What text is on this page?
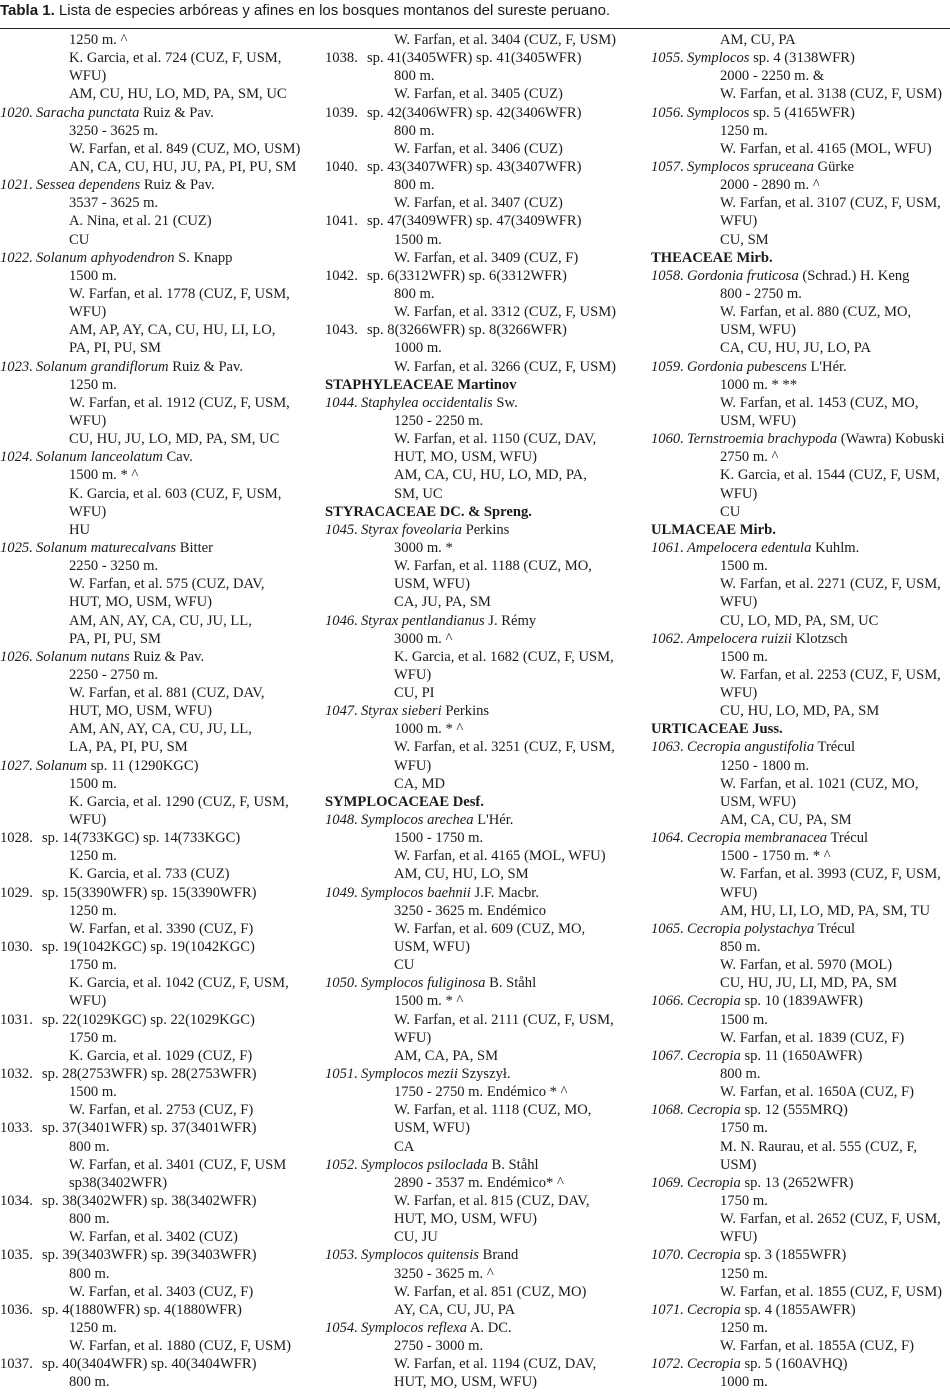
Tabla 1. Lista de especies arbóreas y afines en los bosques montanos del sureste peruano.
1250 m. ^
K. Garcia, et al. 724 (CUZ, F, USM,
WFU)
AM, CU, HU, LO, MD, PA, SM, UC
1020. Saracha punctata Ruiz & Pav.
3250 - 3625 m.
W. Farfan, et al. 849 (CUZ, MO, USM)
AN, CA, CU, HU, JU, PA, PI, PU, SM
1021. Sessea dependens Ruiz & Pav.
3537 - 3625 m.
A. Nina, et al. 21 (CUZ)
CU
1022. Solanum aphyodendron S. Knapp
1500 m.
W. Farfan, et al. 1778 (CUZ, F, USM,
WFU)
AM, AP, AY, CA, CU, HU, LI, LO,
PA, PI, PU, SM
1023. Solanum grandiflorum Ruiz & Pav.
1250 m.
W. Farfan, et al. 1912 (CUZ, F, USM,
WFU)
CU, HU, JU, LO, MD, PA, SM, UC
1024. Solanum lanceolatum Cav.
1500 m. * ^
K. Garcia, et al. 603 (CUZ, F, USM,
WFU)
HU
1025. Solanum maturecalvans Bitter
2250 - 3250 m.
W. Farfan, et al. 575 (CUZ, DAV,
HUT, MO, USM, WFU)
AM, AN, AY, CA, CU, JU, LL,
PA, PI, PU, SM
1026. Solanum nutans Ruiz & Pav.
2250 - 2750 m.
W. Farfan, et al. 881 (CUZ, DAV,
HUT, MO, USM, WFU)
AM, AN, AY, CA, CU, JU, LL,
LA, PA, PI, PU, SM
1027. Solanum sp. 11 (1290KGC)
1500 m.
K. Garcia, et al. 1290 (CUZ, F, USM,
WFU)
1028. sp. 14(733KGC) sp. 14(733KGC)
1250 m.
K. Garcia, et al. 733 (CUZ)
1029. sp. 15(3390WFR) sp. 15(3390WFR)
1250 m.
W. Farfan, et al. 3390 (CUZ, F)
1030. sp. 19(1042KGC) sp. 19(1042KGC)
1750 m.
K. Garcia, et al. 1042 (CUZ, F, USM,
WFU)
1031. sp. 22(1029KGC) sp. 22(1029KGC)
1750 m.
K. Garcia, et al. 1029 (CUZ, F)
1032. sp. 28(2753WFR) sp. 28(2753WFR)
1500 m.
W. Farfan, et al. 2753 (CUZ, F)
1033. sp. 37(3401WFR) sp. 37(3401WFR)
800 m.
W. Farfan, et al. 3401 (CUZ, F, USM
sp38(3402WFR)
1034. sp. 38(3402WFR) sp. 38(3402WFR)
800 m.
W. Farfan, et al. 3402 (CUZ)
1035. sp. 39(3403WFR) sp. 39(3403WFR)
800 m.
W. Farfan, et al. 3403 (CUZ, F)
1036. sp. 4(1880WFR) sp. 4(1880WFR)
1250 m.
W. Farfan, et al. 1880 (CUZ, F, USM)
1037. sp. 40(3404WFR) sp. 40(3404WFR)
800 m.
W. Farfan, et al. 3404 (CUZ, F, USM)
1038. sp. 41(3405WFR) sp. 41(3405WFR)
800 m.
W. Farfan, et al. 3405 (CUZ)
1039. sp. 42(3406WFR) sp. 42(3406WFR)
800 m.
W. Farfan, et al. 3406 (CUZ)
1040. sp. 43(3407WFR) sp. 43(3407WFR)
800 m.
W. Farfan, et al. 3407 (CUZ)
1041. sp. 47(3409WFR) sp. 47(3409WFR)
1500 m.
W. Farfan, et al. 3409 (CUZ, F)
1042. sp. 6(3312WFR) sp. 6(3312WFR)
800 m.
W. Farfan, et al. 3312 (CUZ, F, USM)
1043. sp. 8(3266WFR) sp. 8(3266WFR)
1000 m.
W. Farfan, et al. 3266 (CUZ, F, USM)
STAPHYLEACEAE Martinov
1044. Staphylea occidentalis Sw.
1250 - 2250 m.
W. Farfan, et al. 1150 (CUZ, DAV,
HUT, MO, USM, WFU)
AM, CA, CU, HU, LO, MD, PA,
SM, UC
STYRACACEAE DC. & Spreng.
1045. Styrax foveolaria Perkins
3000 m. *
W. Farfan, et al. 1188 (CUZ, MO,
USM, WFU)
CA, JU, PA, SM
1046. Styrax pentlandianus J. Rémy
3000 m. ^
K. Garcia, et al. 1682 (CUZ, F, USM,
WFU)
CU, PI
1047. Styrax sieberi Perkins
1000 m. * ^
W. Farfan, et al. 3251 (CUZ, F, USM,
WFU)
CA, MD
SYMPLOCACEAE Desf.
1048. Symplocos arechea L'Hér.
1500 - 1750 m.
W. Farfan, et al. 4165 (MOL, WFU)
AM, CU, HU, LO, SM
1049. Symplocos baehnii J.F. Macbr.
3250 - 3625 m. Endémico
W. Farfan, et al. 609 (CUZ, MO,
USM, WFU)
CU
1050. Symplocos fuliginosa B. Ståhl
1500 m. * ^
W. Farfan, et al. 2111 (CUZ, F, USM,
WFU)
AM, CA, PA, SM
1051. Symplocos mezii Szyszył.
1750 - 2750 m. Endémico * ^
W. Farfan, et al. 1118 (CUZ, MO,
USM, WFU)
CA
1052. Symplocos psiloclada B. Ståhl
2890 - 3537 m. Endémico* ^
W. Farfan, et al. 815 (CUZ, DAV,
HUT, MO, USM, WFU)
CU, JU
1053. Symplocos quitensis Brand
3250 - 3625 m. ^
W. Farfan, et al. 851 (CUZ, MO)
AY, CA, CU, JU, PA
1054. Symplocos reflexa A. DC.
2750 - 3000 m.
W. Farfan, et al. 1194 (CUZ, DAV,
HUT, MO, USM, WFU)
AM, CU, PA
1055. Symplocos sp. 4 (3138WFR)
2000 - 2250 m. &
W. Farfan, et al. 3138 (CUZ, F, USM)
1056. Symplocos sp. 5 (4165WFR)
1250 m.
W. Farfan, et al. 4165 (MOL, WFU)
1057. Symplocos spruceana Gürke
2000 - 2890 m. ^
W. Farfan, et al. 3107 (CUZ, F, USM,
WFU)
CU, SM
THEACEAE Mirb.
1058. Gordonia fruticosa (Schrad.) H. Keng
800 - 2750 m.
W. Farfan, et al. 880 (CUZ, MO,
USM, WFU)
CA, CU, HU, JU, LO, PA
1059. Gordonia pubescens L'Hér.
1000 m. * **
W. Farfan, et al. 1453 (CUZ, MO,
USM, WFU)
1060. Ternstroemia brachypoda (Wawra) Kobuski
2750 m. ^
K. Garcia, et al. 1544 (CUZ, F, USM,
WFU)
CU
ULMACEAE Mirb.
1061. Ampelocera edentula Kuhlm.
1500 m.
W. Farfan, et al. 2271 (CUZ, F, USM,
WFU)
CU, LO, MD, PA, SM, UC
1062. Ampelocera ruizii Klotzsch
1500 m.
W. Farfan, et al. 2253 (CUZ, F, USM,
WFU)
CU, HU, LO, MD, PA, SM
URTICACEAE Juss.
1063. Cecropia angustifolia Trécul
1250 - 1800 m.
W. Farfan, et al. 1021 (CUZ, MO,
USM, WFU)
AM, CA, CU, PA, SM
1064. Cecropia membranacea Trécul
1500 - 1750 m. * ^
W. Farfan, et al. 3993 (CUZ, F, USM,
WFU)
AM, HU, LI, LO, MD, PA, SM, TU
1065. Cecropia polystachya Trécul
850 m.
W. Farfan, et al. 5970 (MOL)
CU, HU, JU, LI, MD, PA, SM
1066. Cecropia sp. 10 (1839AWFR)
1500 m.
W. Farfan, et al. 1839 (CUZ, F)
1067. Cecropia sp. 11 (1650AWFR)
800 m.
W. Farfan, et al. 1650A (CUZ, F)
1068. Cecropia sp. 12 (555MRQ)
1750 m.
M. N. Raurau, et al. 555 (CUZ, F,
USM)
1069. Cecropia sp. 13 (2652WFR)
1750 m.
W. Farfan, et al. 2652 (CUZ, F, USM,
WFU)
1070. Cecropia sp. 3 (1855WFR)
1250 m.
W. Farfan, et al. 1855 (CUZ, F, USM)
1071. Cecropia sp. 4 (1855AWFR)
1250 m.
W. Farfan, et al. 1855A (CUZ, F)
1072. Cecropia sp. 5 (160AVHQ)
1000 m.
